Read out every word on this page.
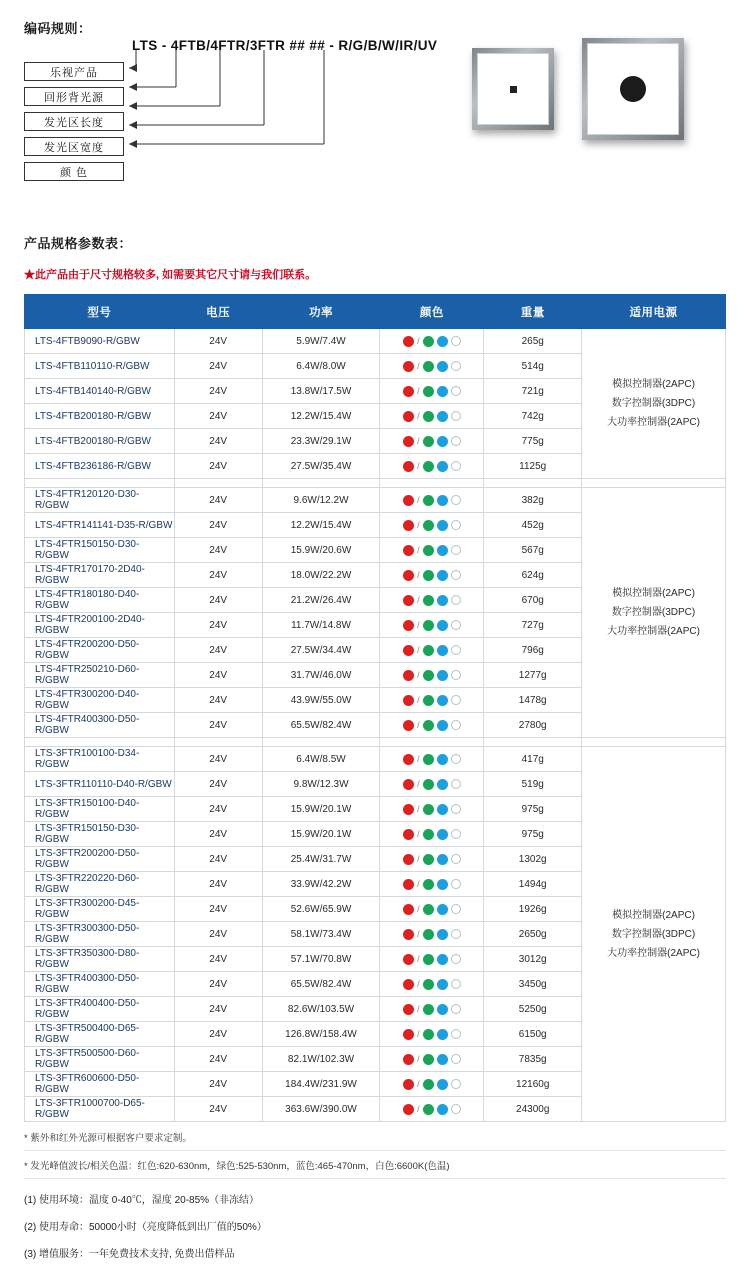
编码规则：
LTS - 4FTB/4FTR/3FTR ## ## - R/G/B/W/IR/UV
乐视产品
回形背光源
发光区长度
发光区宽度
颜 色
产品规格参数表：
★此产品由于尺寸规格较多, 如需要其它尺寸请与我们联系。
型号	电压	功率	颜色	重量	适用电源
LTS-4FTB9090-R/GBW	24V	5.9W/7.4W	/	265g	模拟控制器(2APC)
数字控制器(3DPC)
大功率控制器(2APC)

LTS-4FTB110110-R/GBW	24V	6.4W/8.0W	/	514g	
LTS-4FTB140140-R/GBW	24V	13.8W/17.5W	/	721g	
LTS-4FTB200180-R/GBW	24V	12.2W/15.4W	/	742g	
LTS-4FTB200180-R/GBW	24V	23.3W/29.1W	/	775g	
LTS-4FTB236186-R/GBW	24V	27.5W/35.4W	/	1125g	

LTS-4FTR120120-D30-R/GBW	24V	9.6W/12.2W	/	382g	模拟控制器(2APC)
数字控制器(3DPC)
大功率控制器(2APC)

LTS-4FTR141141-D35-R/GBW	24V	12.2W/15.4W	/	452g	
LTS-4FTR150150-D30-R/GBW	24V	15.9W/20.6W	/	567g	
LTS-4FTR170170-2D40-R/GBW	24V	18.0W/22.2W	/	624g	
LTS-4FTR180180-D40-R/GBW	24V	21.2W/26.4W	/	670g	
LTS-4FTR200100-2D40-R/GBW	24V	11.7W/14.8W	/	727g	
LTS-4FTR200200-D50-R/GBW	24V	27.5W/34.4W	/	796g	
LTS-4FTR250210-D60-R/GBW	24V	31.7W/46.0W	/	1277g	
LTS-4FTR300200-D40-R/GBW	24V	43.9W/55.0W	/	1478g	
LTS-4FTR400300-D50-R/GBW	24V	65.5W/82.4W	/	2780g	

LTS-3FTR100100-D34-R/GBW	24V	6.4W/8.5W	/	417g	模拟控制器(2APC)
数字控制器(3DPC)
大功率控制器(2APC)

LTS-3FTR110110-D40-R/GBW	24V	9.8W/12.3W	/	519g	
LTS-3FTR150100-D40-R/GBW	24V	15.9W/20.1W	/	975g	
LTS-3FTR150150-D30-R/GBW	24V	15.9W/20.1W	/	975g	
LTS-3FTR200200-D50-R/GBW	24V	25.4W/31.7W	/	1302g	
LTS-3FTR220220-D60-R/GBW	24V	33.9W/42.2W	/	1494g	
LTS-3FTR300200-D45-R/GBW	24V	52.6W/65.9W	/	1926g	
LTS-3FTR300300-D50-R/GBW	24V	58.1W/73.4W	/	2650g	
LTS-3FTR350300-D80-R/GBW	24V	57.1W/70.8W	/	3012g	
LTS-3FTR400300-D50-R/GBW	24V	65.5W/82.4W	/	3450g	
LTS-3FTR400400-D50-R/GBW	24V	82.6W/103.5W	/	5250g	
LTS-3FTR500400-D65-R/GBW	24V	126.8W/158.4W	/	6150g	
LTS-3FTR500500-D60-R/GBW	24V	82.1W/102.3W	/	7835g	
LTS-3FTR600600-D50-R/GBW	24V	184.4W/231.9W	/	12160g	
LTS-3FTR1000700-D65-R/GBW	24V	363.6W/390.0W	/	24300g	
* 紫外和红外光源可根据客户要求定制。
* 发光峰值波长/相关色温：红色:620-630nm，绿色:525-530nm，蓝色:465-470nm，白色:6600K(色温)
(1) 使用环境：温度 0-40℃，湿度 20-85%（非冻结）
(2) 使用寿命：50000小时（亮度降低到出厂值的50%）
(3) 增值服务：一年免费技术支持, 免费出借样品
